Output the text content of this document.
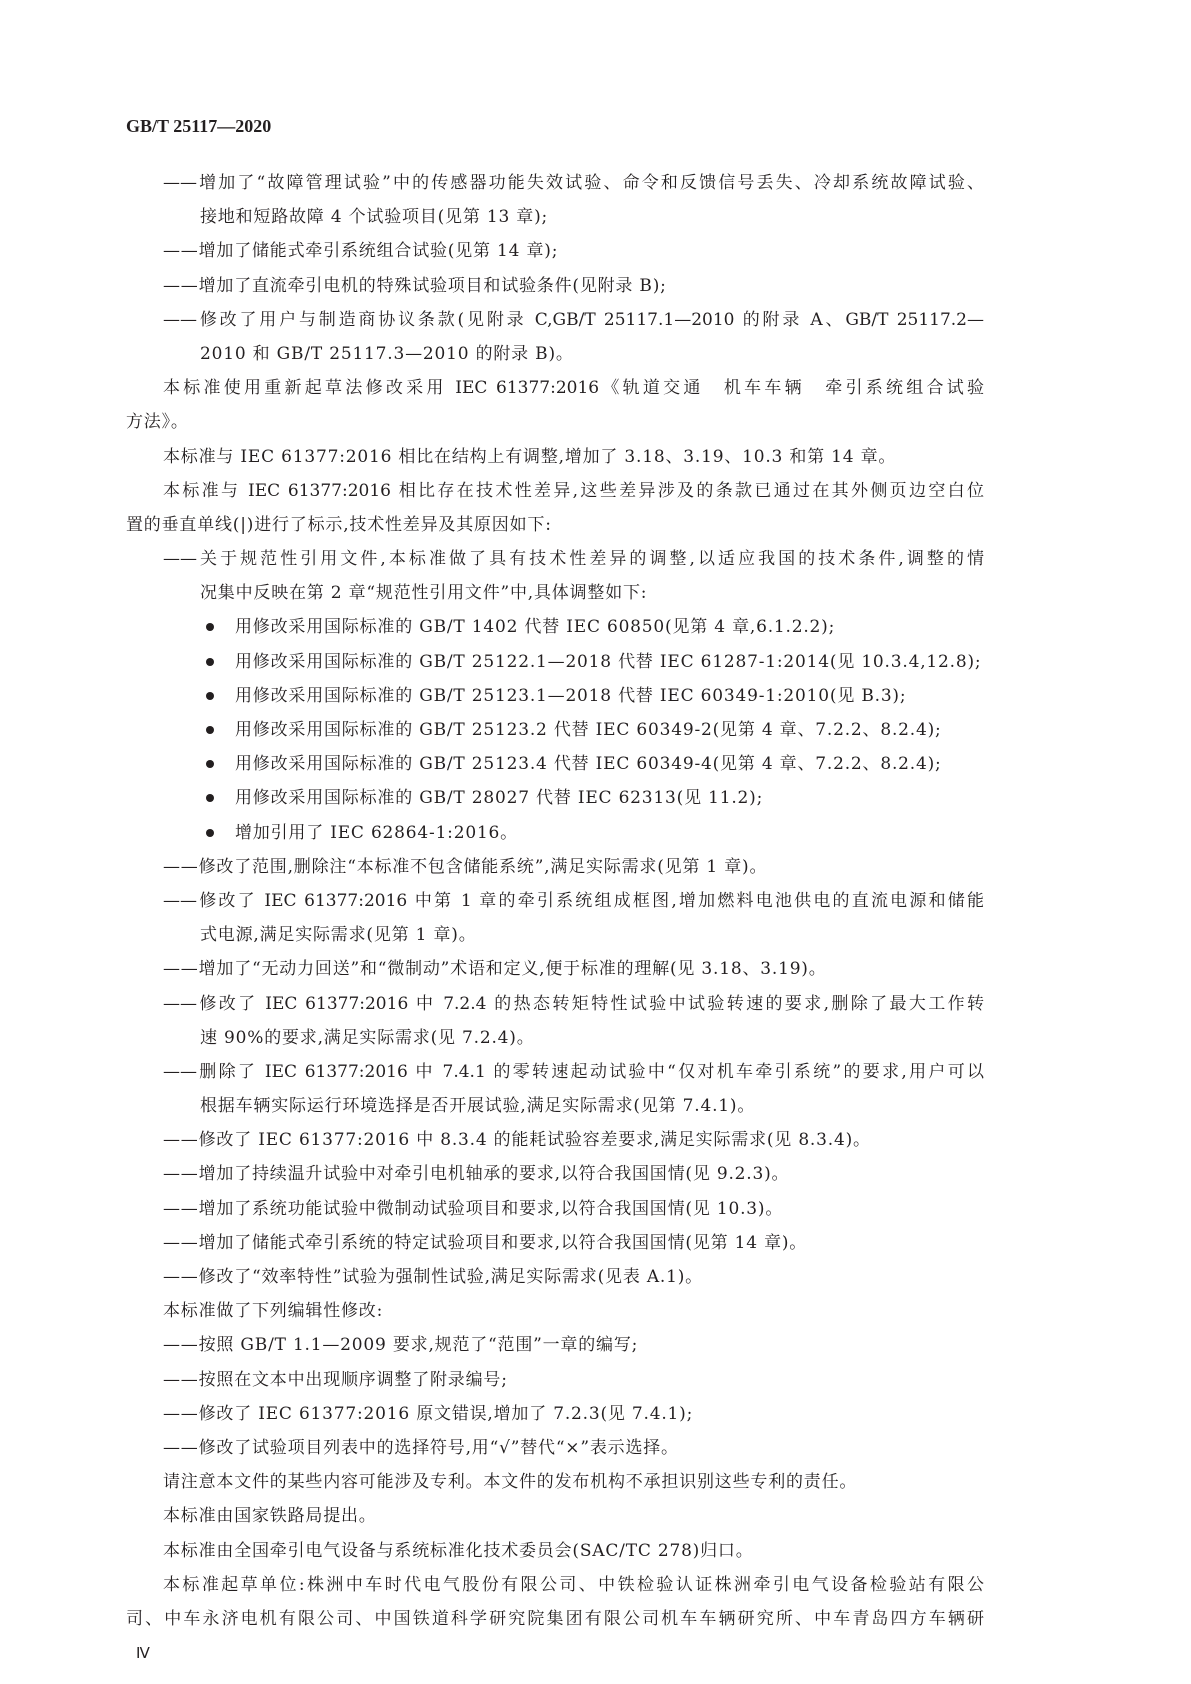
GB/T 25117—2020
——增加了“故障管理试验”中的传感器功能失效试验、命令和反馈信号丢失、冷却系统故障试验、
接地和短路故障 4 个试验项目(见第 13 章);
——增加了储能式牵引系统组合试验(见第 14 章);
——增加了直流牵引电机的特殊试验项目和试验条件(见附录 B);
——修改了用户与制造商协议条款(见附录 C,GB/T 25117.1—2010 的附录 A、GB/T 25117.2—
2010 和 GB/T 25117.3—2010 的附录 B)。
本标准使用重新起草法修改采用 IEC 61377:2016《轨道交通　机车车辆　牵引系统组合试验
方法》。
本标准与 IEC 61377:2016 相比在结构上有调整,增加了 3.18、3.19、10.3 和第 14 章。
本标准与 IEC 61377:2016 相比存在技术性差异,这些差异涉及的条款已通过在其外侧页边空白位
置的垂直单线(|)进行了标示,技术性差异及其原因如下:
——关于规范性引用文件,本标准做了具有技术性差异的调整,以适应我国的技术条件,调整的情
况集中反映在第 2 章“规范性引用文件”中,具体调整如下:
用修改采用国际标准的 GB/T 1402 代替 IEC 60850(见第 4 章,6.1.2.2);
用修改采用国际标准的 GB/T 25122.1—2018 代替 IEC 61287-1:2014(见 10.3.4,12.8);
用修改采用国际标准的 GB/T 25123.1—2018 代替 IEC 60349-1:2010(见 B.3);
用修改采用国际标准的 GB/T 25123.2 代替 IEC 60349-2(见第 4 章、7.2.2、8.2.4);
用修改采用国际标准的 GB/T 25123.4 代替 IEC 60349-4(见第 4 章、7.2.2、8.2.4);
用修改采用国际标准的 GB/T 28027 代替 IEC 62313(见 11.2);
增加引用了 IEC 62864-1:2016。
——修改了范围,删除注“本标准不包含储能系统”,满足实际需求(见第 1 章)。
——修改了 IEC 61377:2016 中第 1 章的牵引系统组成框图,增加燃料电池供电的直流电源和储能
式电源,满足实际需求(见第 1 章)。
——增加了“无动力回送”和“微制动”术语和定义,便于标准的理解(见 3.18、3.19)。
——修改了 IEC 61377:2016 中 7.2.4 的热态转矩特性试验中试验转速的要求,删除了最大工作转
速 90%的要求,满足实际需求(见 7.2.4)。
——删除了 IEC 61377:2016 中 7.4.1 的零转速起动试验中“仅对机车牵引系统”的要求,用户可以
根据车辆实际运行环境选择是否开展试验,满足实际需求(见第 7.4.1)。
——修改了 IEC 61377:2016 中 8.3.4 的能耗试验容差要求,满足实际需求(见 8.3.4)。
——增加了持续温升试验中对牵引电机轴承的要求,以符合我国国情(见 9.2.3)。
——增加了系统功能试验中微制动试验项目和要求,以符合我国国情(见 10.3)。
——增加了储能式牵引系统的特定试验项目和要求,以符合我国国情(见第 14 章)。
——修改了“效率特性”试验为强制性试验,满足实际需求(见表 A.1)。
本标准做了下列编辑性修改:
——按照 GB/T 1.1—2009 要求,规范了“范围”一章的编写;
——按照在文本中出现顺序调整了附录编号;
——修改了 IEC 61377:2016 原文错误,增加了 7.2.3(见 7.4.1);
——修改了试验项目列表中的选择符号,用“√”替代“×”表示选择。
请注意本文件的某些内容可能涉及专利。本文件的发布机构不承担识别这些专利的责任。
本标准由国家铁路局提出。
本标准由全国牵引电气设备与系统标准化技术委员会(SAC/TC 278)归口。
本标准起草单位:株洲中车时代电气股份有限公司、中铁检验认证株洲牵引电气设备检验站有限公
司、中车永济电机有限公司、中国铁道科学研究院集团有限公司机车车辆研究所、中车青岛四方车辆研
Ⅳ
